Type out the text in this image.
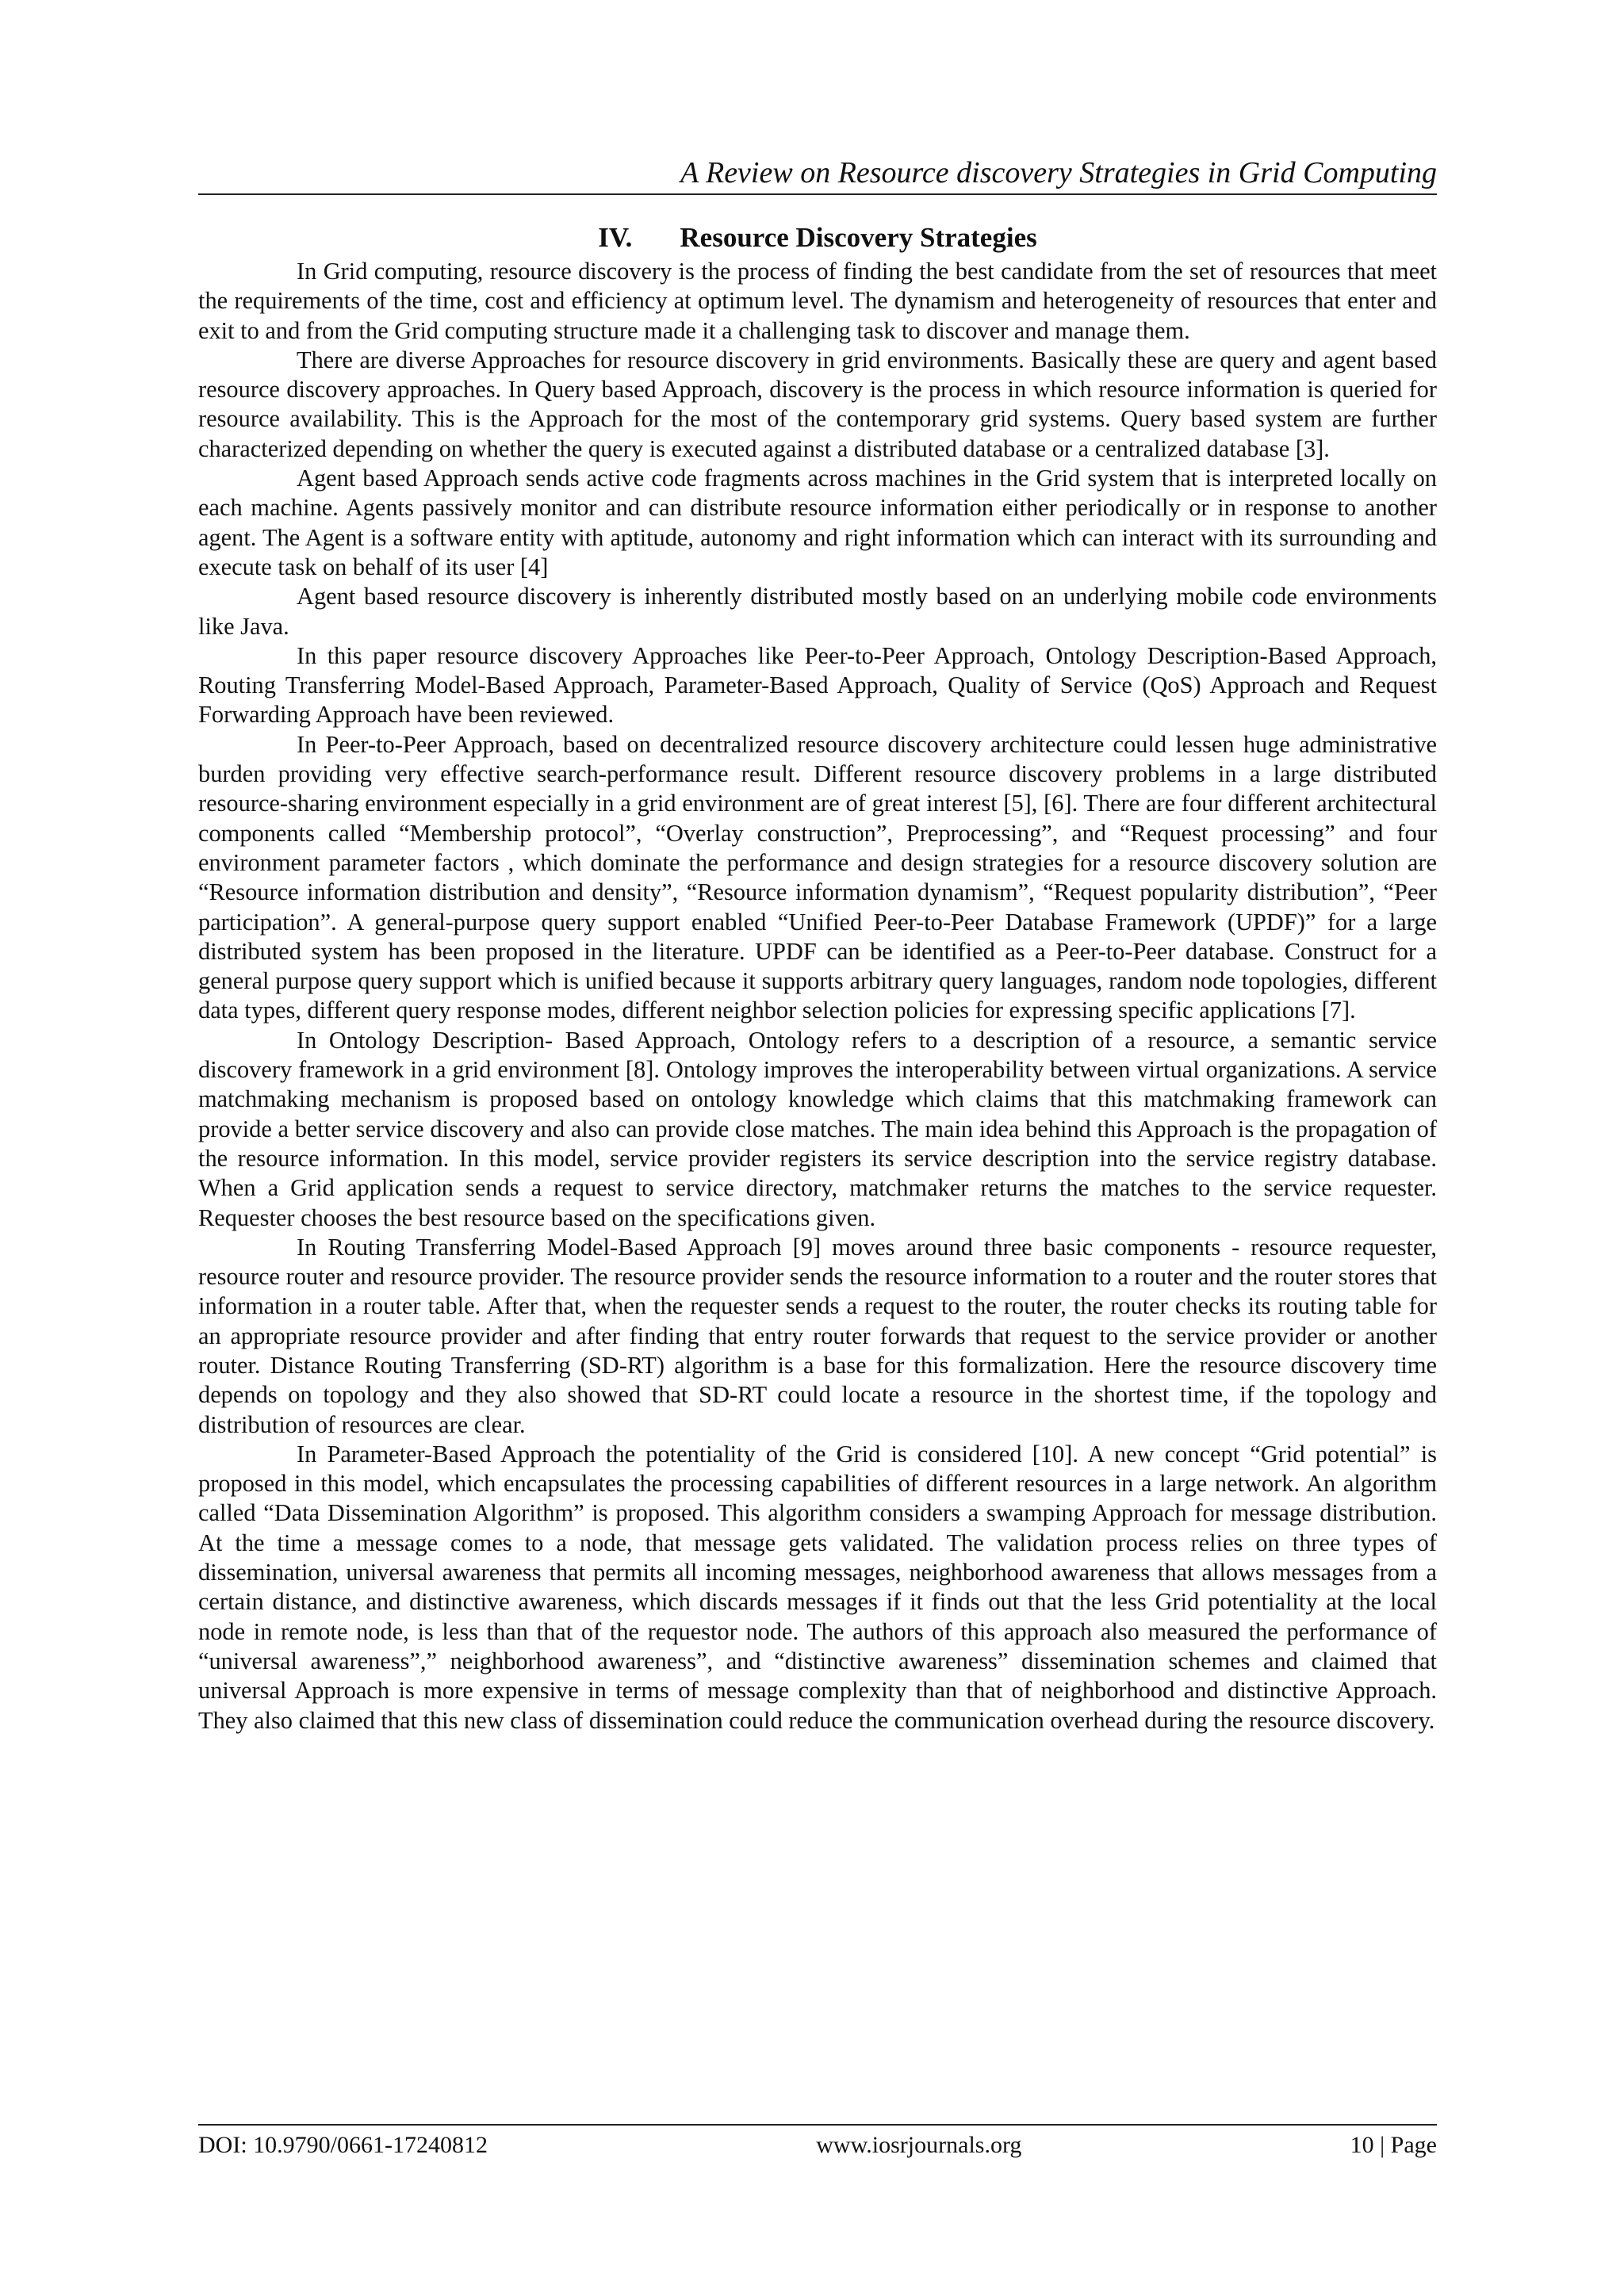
A Review on Resource discovery Strategies in Grid Computing
IV. Resource Discovery Strategies

In Grid computing, resource discovery is the process of finding the best candidate from the set of resources that meet the requirements of the time, cost and efficiency at optimum level. The dynamism and heterogeneity of resources that enter and exit to and from the Grid computing structure made it a challenging task to discover and manage them.

There are diverse Approaches for resource discovery in grid environments. Basically these are query and agent based resource discovery approaches. In Query based Approach, discovery is the process in which resource information is queried for resource availability. This is the Approach for the most of the contemporary grid systems. Query based system are further characterized depending on whether the query is executed against a distributed database or a centralized database [3].

Agent based Approach sends active code fragments across machines in the Grid system that is interpreted locally on each machine. Agents passively monitor and can distribute resource information either periodically or in response to another agent. The Agent is a software entity with aptitude, autonomy and right information which can interact with its surrounding and execute task on behalf of its user [4]

Agent based resource discovery is inherently distributed mostly based on an underlying mobile code environments like Java.

In this paper resource discovery Approaches like Peer-to-Peer Approach, Ontology Description-Based Approach, Routing Transferring Model-Based Approach, Parameter-Based Approach, Quality of Service (QoS) Approach and Request Forwarding Approach have been reviewed.

In Peer-to-Peer Approach, based on decentralized resource discovery architecture could lessen huge administrative burden providing very effective search-performance result. Different resource discovery problems in a large distributed resource-sharing environment especially in a grid environment are of great interest [5], [6]. There are four different architectural components called “Membership protocol”, “Overlay construction”, Preprocessing”, and “Request processing” and four environment parameter factors , which dominate the performance and design strategies for a resource discovery solution are “Resource information distribution and density”, “Resource information dynamism”, “Request popularity distribution”, “Peer participation”. A general-purpose query support enabled “Unified Peer-to-Peer Database Framework (UPDF)” for a large distributed system has been proposed in the literature. UPDF can be identified as a Peer-to-Peer database. Construct for a general purpose query support which is unified because it supports arbitrary query languages, random node topologies, different data types, different query response modes, different neighbor selection policies for expressing specific applications [7].

In Ontology Description- Based Approach, Ontology refers to a description of a resource, a semantic service discovery framework in a grid environment [8]. Ontology improves the interoperability between virtual organizations. A service matchmaking mechanism is proposed based on ontology knowledge which claims that this matchmaking framework can provide a better service discovery and also can provide close matches. The main idea behind this Approach is the propagation of the resource information. In this model, service provider registers its service description into the service registry database. When a Grid application sends a request to service directory, matchmaker returns the matches to the service requester. Requester chooses the best resource based on the specifications given.

In Routing Transferring Model-Based Approach [9] moves around three basic components - resource requester, resource router and resource provider. The resource provider sends the resource information to a router and the router stores that information in a router table. After that, when the requester sends a request to the router, the router checks its routing table for an appropriate resource provider and after finding that entry router forwards that request to the service provider or another router. Distance Routing Transferring (SD-RT) algorithm is a base for this formalization. Here the resource discovery time depends on topology and they also showed that SD-RT could locate a resource in the shortest time, if the topology and distribution of resources are clear.

In Parameter-Based Approach the potentiality of the Grid is considered [10]. A new concept “Grid potential” is proposed in this model, which encapsulates the processing capabilities of different resources in a large network. An algorithm called “Data Dissemination Algorithm” is proposed. This algorithm considers a swamping Approach for message distribution. At the time a message comes to a node, that message gets validated. The validation process relies on three types of dissemination, universal awareness that permits all incoming messages, neighborhood awareness that allows messages from a certain distance, and distinctive awareness, which discards messages if it finds out that the less Grid potentiality at the local node in remote node, is less than that of the requestor node. The authors of this approach also measured the performance of “universal awareness”,” neighborhood awareness”, and “distinctive awareness” dissemination schemes and claimed that universal Approach is more expensive in terms of message complexity than that of neighborhood and distinctive Approach. They also claimed that this new class of dissemination could reduce the communication overhead during the resource discovery.

DOI: 10.9790/0661-17240812	www.iosrjournals.org	10 | Page
